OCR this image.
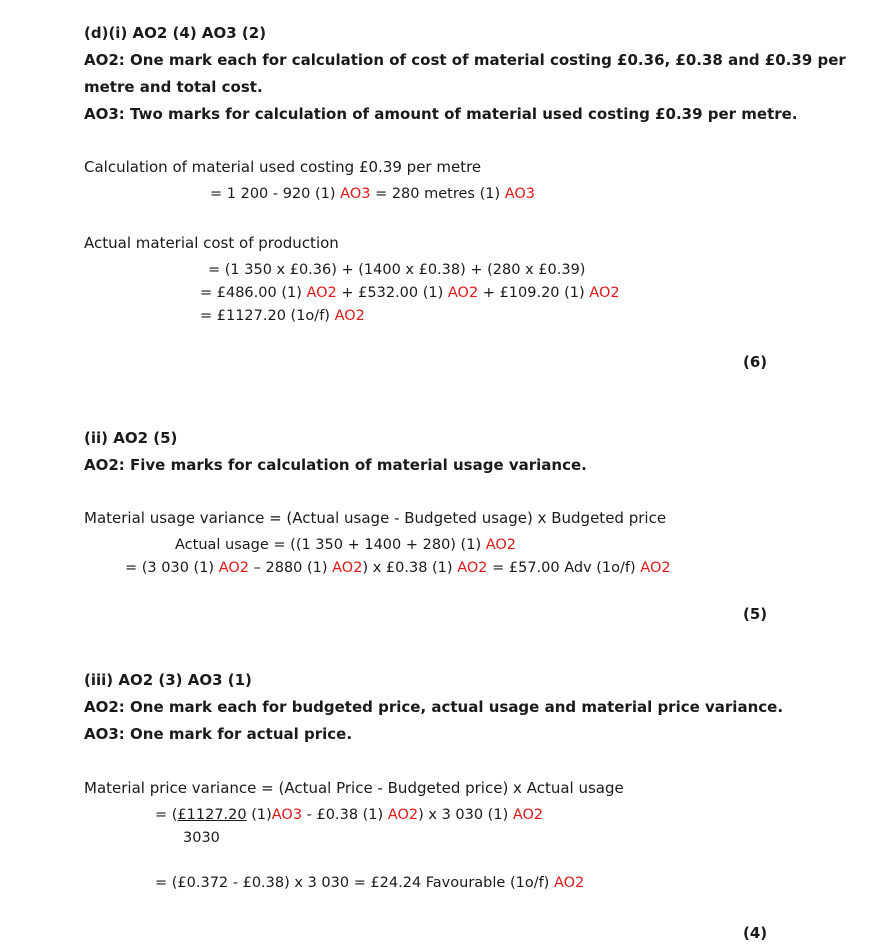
(d)(i) AO2 (4) AO3 (2)
AO2: One mark each for calculation of cost of material costing £0.36, £0.38 and £0.39 per
metre and total cost.
AO3: Two marks for calculation of amount of material used costing £0.39 per metre.
Calculation of material used costing £0.39 per metre
= 1 200 - 920 (1) AO3 = 280 metres (1) AO3
Actual material cost of production
= (1 350 x £0.36) + (1400 x £0.38) + (280 x £0.39)
= £486.00 (1) AO2 + £532.00 (1) AO2 + £109.20 (1) AO2
= £1127.20 (1o/f) AO2
(6)
(ii) AO2 (5)
AO2: Five marks for calculation of material usage variance.
Material usage variance = (Actual usage - Budgeted usage) x Budgeted price
Actual usage = ((1 350 + 1400 + 280) (1) AO2
= (3 030 (1) AO2 – 2880 (1) AO2) x £0.38 (1) AO2 = £57.00 Adv (1o/f) AO2
(5)
(iii) AO2 (3) AO3 (1)
AO2: One mark each for budgeted price, actual usage and material price variance.
AO3: One mark for actual price.
Material price variance = (Actual Price - Budgeted price) x Actual usage
= (£1127.20 (1)AO3 - £0.38 (1) AO2) x 3 030 (1) AO2
3030
= (£0.372 - £0.38) x 3 030 = £24.24 Favourable (1o/f) AO2
(4)
